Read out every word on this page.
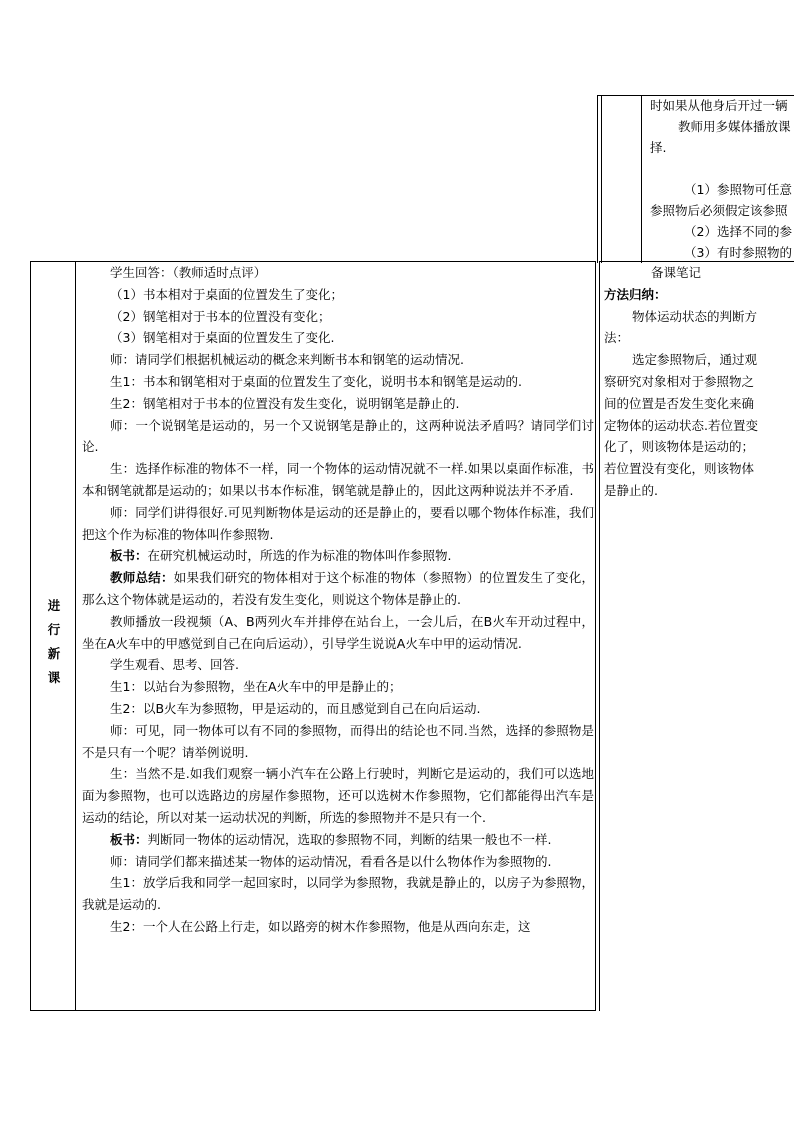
时如果从他身后开过一辆
教师用多媒体播放课
择.
（1）参照物可任意
参照物后必须假定该参照
（2）选择不同的参
（3）有时参照物的
进
行
新
课

学生回答：（教师适时点评）

（1）书本相对于桌面的位置发生了变化；

（2）钢笔相对于书本的位置没有变化；

（3）钢笔相对于桌面的位置发生了变化.

师：请同学们根据机械运动的概念来判断书本和钢笔的运动情况.

生1：书本和钢笔相对于桌面的位置发生了变化，说明书本和钢笔是运动的.

生2：钢笔相对于书本的位置没有发生变化，说明钢笔是静止的.

师：一个说钢笔是运动的，另一个又说钢笔是静止的，这两种说法矛盾吗？请同学们讨论.

生：选择作标准的物体不一样，同一个物体的运动情况就不一样.如果以桌面作标准，书本和钢笔就都是运动的；如果以书本作标准，钢笔就是静止的，因此这两种说法并不矛盾.

师：同学们讲得很好.可见判断物体是运动的还是静止的，要看以哪个物体作标准，我们把这个作为标准的物体叫作参照物.

板书：在研究机械运动时，所选的作为标准的物体叫作参照物.

教师总结：如果我们研究的物体相对于这个标准的物体（参照物）的位置发生了变化，那么这个物体就是运动的，若没有发生变化，则说这个物体是静止的.

教师播放一段视频（A、B两列火车并排停在站台上，一会儿后，在B火车开动过程中，坐在A火车中的甲感觉到自己在向后运动），引导学生说说A火车中甲的运动情况.

学生观看、思考、回答.

生1：以站台为参照物，坐在A火车中的甲是静止的；

生2：以B火车为参照物，甲是运动的，而且感觉到自己在向后运动.

师：可见，同一物体可以有不同的参照物，而得出的结论也不同.当然，选择的参照物是不是只有一个呢？请举例说明.

生：当然不是.如我们观察一辆小汽车在公路上行驶时，判断它是运动的，我们可以选地面为参照物，也可以选路边的房屋作参照物，还可以选树木作参照物，它们都能得出汽车是运动的结论，所以对某一运动状况的判断，所选的参照物并不是只有一个.

板书：判断同一物体的运动情况，选取的参照物不同，判断的结果一般也不一样.

师：请同学们都来描述某一物体的运动情况，看看各是以什么物体作为参照物的.

生1：放学后我和同学一起回家时，以同学为参照物，我就是静止的，以房子为参照物，我就是运动的.

生2：一个人在公路上行走，如以路旁的树木作参照物，他是从西向东走，这

备课笔记

方法归纳：

物体运动状态的判断方法：

选定参照物后，通过观察研究对象相对于参照物之间的位置是否发生变化来确定物体的运动状态.若位置变化了，则该物体是运动的；若位置没有变化，则该物体是静止的.
